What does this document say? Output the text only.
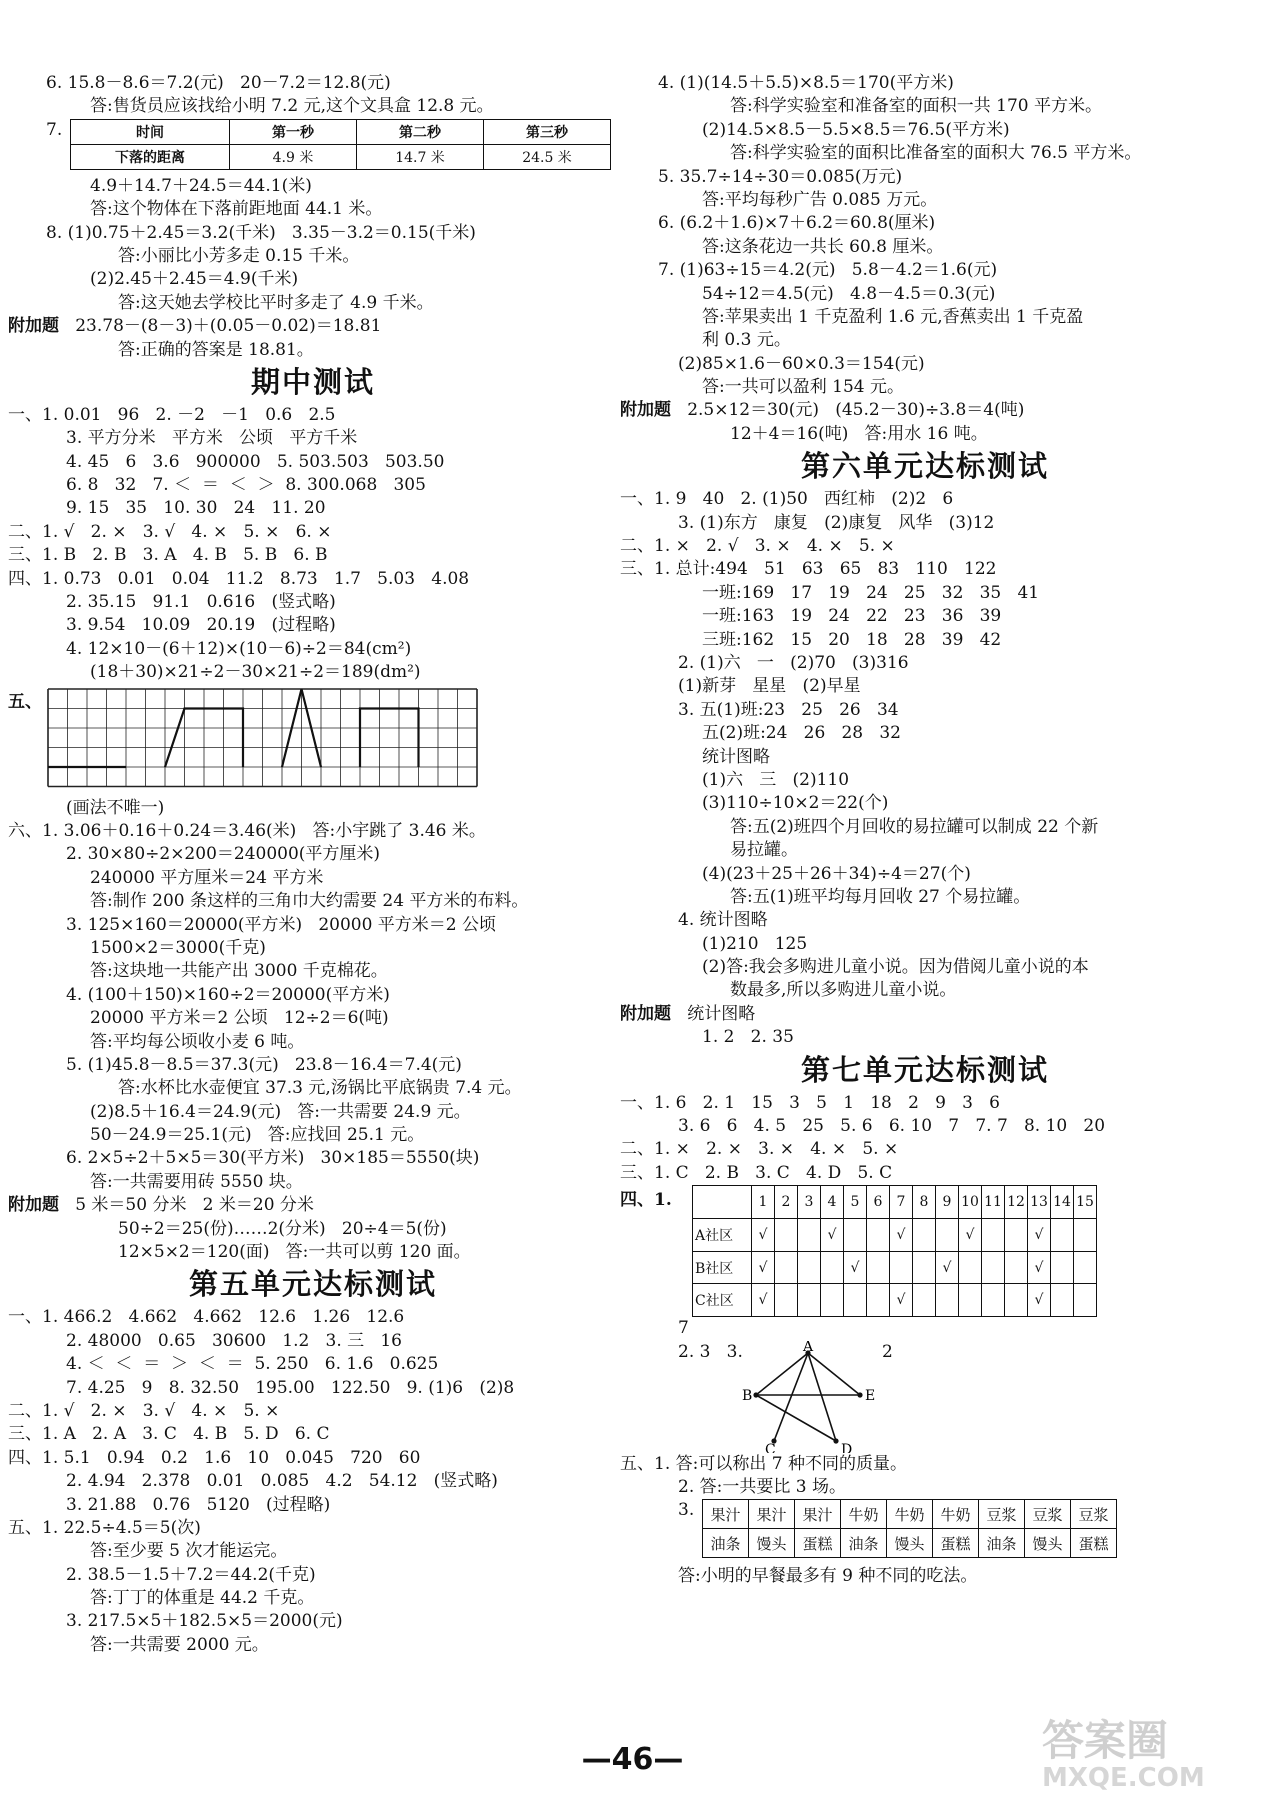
6. 15.8－8.6＝7.2(元)   20－7.2＝12.8(元)
答:售货员应该找给小明 7.2 元,这个文具盒 12.8 元。
7.	时间	第一秒	第二秒	第三秒
下落的距离	4.9 米	14.7 米	24.5 米
4.9＋14.7＋24.5＝44.1(米)
答:这个物体在下落前距地面 44.1 米。
8. (1)0.75＋2.45＝3.2(千米)   3.35－3.2＝0.15(千米)
答:小丽比小芳多走 0.15 千米。
(2)2.45＋2.45＝4.9(千米)
答:这天她去学校比平时多走了 4.9 千米。
附加题   23.78－(8－3)＋(0.05－0.02)＝18.81
答:正确的答案是 18.81。
期中测试
一、1. 0.01   96   2. －2   －1   0.6   2.5
3. 平方分米   平方米   公顷   平方千米
4. 45   6   3.6   900000   5. 503.503   503.50
6. 8   32   7. ＜  ＝  ＜  ＞  8. 300.068   305
9. 15   35   10. 30   24   11. 20
二、1. √   2. ×   3. √   4. ×   5. ×   6. ×
三、1. B   2. B   3. A   4. B   5. B   6. B
四、1. 0.73   0.01   0.04   11.2   8.73   1.7   5.03   4.08
2. 35.15   91.1   0.616   (竖式略)
3. 9.54   10.09   20.19   (过程略)
4. 12×10－(6＋12)×(10－6)÷2＝84(cm²)
(18＋30)×21÷2－30×21÷2＝189(dm²)
五、
(画法不唯一)
六、1. 3.06＋0.16＋0.24＝3.46(米)   答:小宇跳了 3.46 米。
2. 30×80÷2×200＝240000(平方厘米)
240000 平方厘米＝24 平方米
答:制作 200 条这样的三角巾大约需要 24 平方米的布料。
3. 125×160＝20000(平方米)   20000 平方米＝2 公顷
1500×2＝3000(千克)
答:这块地一共能产出 3000 千克棉花。
4. (100＋150)×160÷2＝20000(平方米)
20000 平方米＝2 公顷   12÷2＝6(吨)
答:平均每公顷收小麦 6 吨。
5. (1)45.8－8.5＝37.3(元)   23.8－16.4＝7.4(元)
答:水杯比水壶便宜 37.3 元,汤锅比平底锅贵 7.4 元。
(2)8.5＋16.4＝24.9(元)   答:一共需要 24.9 元。
50－24.9＝25.1(元)   答:应找回 25.1 元。
6. 2×5÷2＋5×5＝30(平方米)   30×185＝5550(块)
答:一共需要用砖 5550 块。
附加题   5 米＝50 分米   2 米＝20 分米
50÷2＝25(份)……2(分米)   20÷4＝5(份)
12×5×2＝120(面)   答:一共可以剪 120 面。
第五单元达标测试
一、1. 466.2   4.662   4.662   12.6   1.26   12.6
2. 48000   0.65   30600   1.2   3. 三   16
4. ＜  ＜  ＝  ＞  ＜  ＝  5. 250   6. 1.6   0.625
7. 4.25   9   8. 32.50   195.00   122.50   9. (1)6   (2)8
二、1. √   2. ×   3. √   4. ×   5. ×
三、1. A   2. A   3. C   4. B   5. D   6. C
四、1. 5.1   0.94   0.2   1.6   10   0.045   720   60
2. 4.94   2.378   0.01   0.085   4.2   54.12   (竖式略)
3. 21.88   0.76   5120   (过程略)
五、1. 22.5÷4.5＝5(次)
答:至少要 5 次才能运完。
2. 38.5－1.5＋7.2＝44.2(千克)
答:丁丁的体重是 44.2 千克。
3. 217.5×5＋182.5×5＝2000(元)
答:一共需要 2000 元。
4. (1)(14.5＋5.5)×8.5＝170(平方米)
答:科学实验室和准备室的面积一共 170 平方米。
(2)14.5×8.5－5.5×8.5＝76.5(平方米)
答:科学实验室的面积比准备室的面积大 76.5 平方米。
5. 35.7÷14÷30＝0.085(万元)
答:平均每秒广告 0.085 万元。
6. (6.2＋1.6)×7＋6.2＝60.8(厘米)
答:这条花边一共长 60.8 厘米。
7. (1)63÷15＝4.2(元)   5.8－4.2＝1.6(元)
54÷12＝4.5(元)   4.8－4.5＝0.3(元)
答:苹果卖出 1 千克盈利 1.6 元,香蕉卖出 1 千克盈
利 0.3 元。
(2)85×1.6－60×0.3＝154(元)
答:一共可以盈利 154 元。
附加题   2.5×12＝30(元)   (45.2－30)÷3.8＝4(吨)
12＋4＝16(吨)   答:用水 16 吨。
第六单元达标测试
一、1. 9   40   2. (1)50   西红柿   (2)2   6
3. (1)东方   康复   (2)康复   风华   (3)12
二、1. ×   2. √   3. ×   4. ×   5. ×
三、1. 总计:494   51   63   65   83   110   122
一班:169   17   19   24   25   32   35   41
一班:163   19   24   22   23   36   39
三班:162   15   20   18   28   39   42
2. (1)六   一   (2)70   (3)316
(1)新芽   星星   (2)早星
3. 五(1)班:23   25   26   34
五(2)班:24   26   28   32
统计图略
(1)六   三   (2)110
(3)110÷10×2＝22(个)
答:五(2)班四个月回收的易拉罐可以制成 22 个新
易拉罐。
(4)(23＋25＋26＋34)÷4＝27(个)
答:五(1)班平均每月回收 27 个易拉罐。
4. 统计图略
(1)210   125
(2)答:我会多购进儿童小说。因为借阅儿童小说的本
数最多,所以多购进儿童小说。
附加题   统计图略
1. 2   2. 35
第七单元达标测试
一、1. 6   2. 1   15   3   5   1   18   2   9   3   6
3. 6   6   4. 5   25   5. 6   6. 10   7   7. 7   8. 10   20
二、1. ×   2. ×   3. ×   4. ×   5. ×
三、1. C   2. B   3. C   4. D   5. C
四、1.
		1	2	3	4	5	6	7	8	9	10	11	12	13	14	15
A社区	√			√			√			√			√		
B社区	√				√				√				√		
C社区	√						√						√		
7
2. 3   3.	2
A
B	E
C	D
五、1. 答:可以称出 7 种不同的质量。
2. 答:一共要比 3 场。
3.	果汁	果汁	果汁	牛奶	牛奶	牛奶	豆浆	豆浆	豆浆
油条	馒头	蛋糕	油条	馒头	蛋糕	油条	馒头	蛋糕
答:小明的早餐最多有 9 种不同的吃法。
—46—	答案圈
MXQE.COM
